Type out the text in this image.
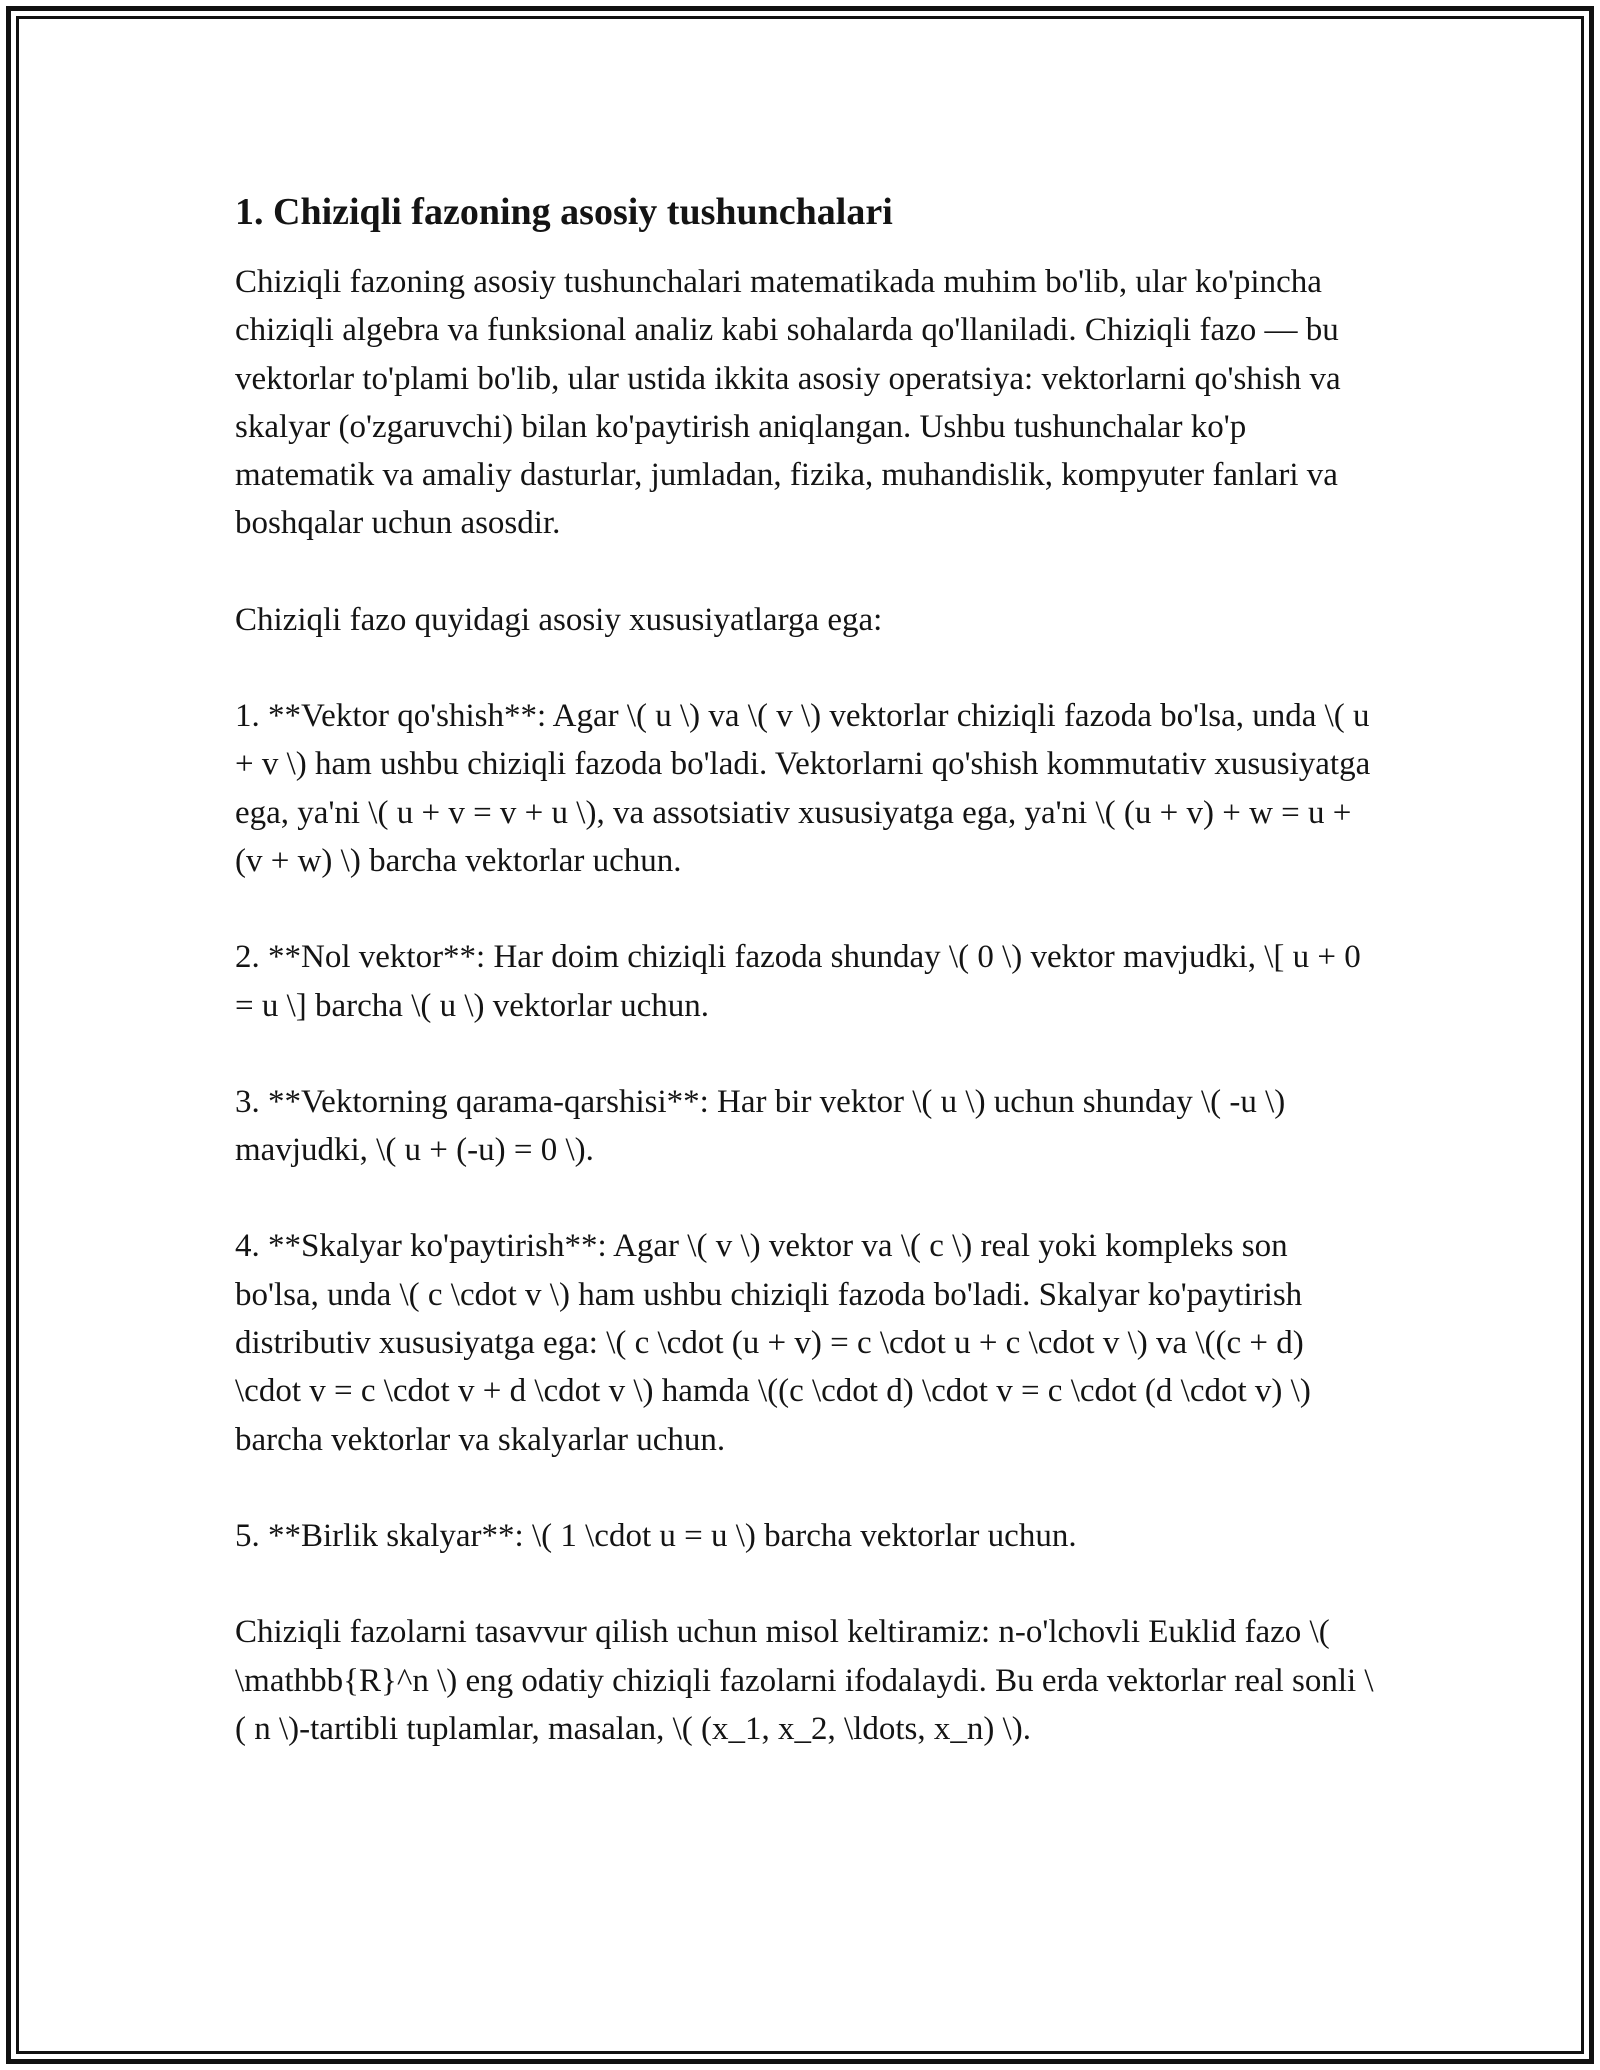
1. Chiziqli fazoning asosiy tushunchalari

Chiziqli fazoning asosiy tushunchalari matematikada muhim bo'lib, ular ko'pincha chiziqli algebra va funksional analiz kabi sohalarda qo'llaniladi. Chiziqli fazo — bu vektorlar to'plami bo'lib, ular ustida ikkita asosiy operatsiya: vektorlarni qo'shish va skalyar (o'zgaruvchi) bilan ko'paytirish aniqlangan. Ushbu tushunchalar ko'p matematik va amaliy dasturlar, jumladan, fizika, muhandislik, kompyuter fanlari va boshqalar uchun asosdir.

Chiziqli fazo quyidagi asosiy xususiyatlarga ega:

1. **Vektor qo'shish**: Agar \( u \) va \( v \) vektorlar chiziqli fazoda bo'lsa, unda \( u + v \) ham ushbu chiziqli fazoda bo'ladi. Vektorlarni qo'shish kommutativ xususiyatga ega, ya'ni \( u + v = v + u \), va assotsiativ xususiyatga ega, ya'ni \( (u + v) + w = u + (v + w) \) barcha vektorlar uchun.

2. **Nol vektor**: Har doim chiziqli fazoda shunday \( 0 \) vektor mavjudki, \[ u + 0 = u \] barcha \( u \) vektorlar uchun.

3. **Vektorning qarama-qarshisi**: Har bir vektor \( u \) uchun shunday \( -u \) mavjudki, \( u + (-u) = 0 \).

4. **Skalyar ko'paytirish**: Agar \( v \) vektor va \( c \) real yoki kompleks son bo'lsa, unda \( c \cdot v \) ham ushbu chiziqli fazoda bo'ladi. Skalyar ko'paytirish distributiv xususiyatga ega: \( c \cdot (u + v) = c \cdot u + c \cdot v \) va \((c + d) \cdot v = c \cdot v + d \cdot v \) hamda \((c \cdot d) \cdot v = c \cdot (d \cdot v) \) barcha vektorlar va skalyarlar uchun.

5. **Birlik skalyar**: \( 1 \cdot u = u \) barcha vektorlar uchun.

Chiziqli fazolarni tasavvur qilish uchun misol keltiramiz: n-o'lchovli Euklid fazo \( \mathbb{R}^n \) eng odatiy chiziqli fazolarni ifodalaydi. Bu erda vektorlar real sonli \( n \)-tartibli tuplamlar, masalan, \( (x_1, x_2, \ldots, x_n) \).
